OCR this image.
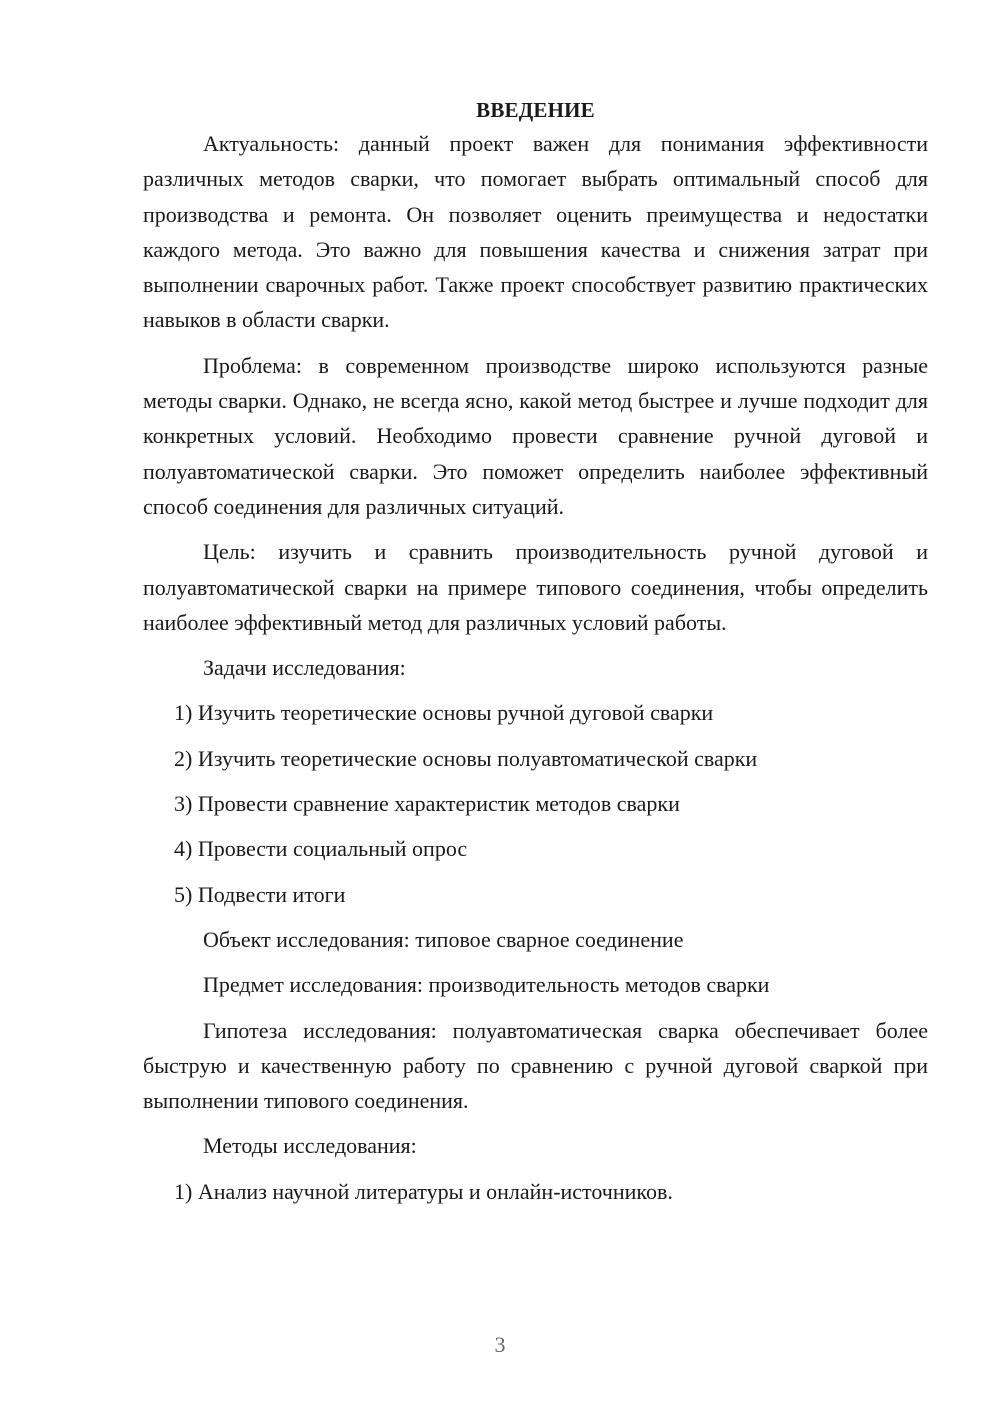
ВВЕДЕНИЕ

Актуальность: данный проект важен для понимания эффективности различных методов сварки, что помогает выбрать оптимальный способ для производства и ремонта. Он позволяет оценить преимущества и недостатки каждого метода. Это важно для повышения качества и снижения затрат при выполнении сварочных работ. Также проект способствует развитию практических навыков в области сварки.

Проблема: в современном производстве широко используются разные методы сварки. Однако, не всегда ясно, какой метод быстрее и лучше подходит для конкретных условий. Необходимо провести сравнение ручной дуговой и полуавтоматической сварки. Это поможет определить наиболее эффективный способ соединения для различных ситуаций.

Цель: изучить и сравнить производительность ручной дуговой и полуавтоматической сварки на примере типового соединения, чтобы определить наиболее эффективный метод для различных условий работы.

Задачи исследования:
1) Изучить теоретические основы ручной дуговой сварки
2) Изучить теоретические основы полуавтоматической сварки
3) Провести сравнение характеристик методов сварки
4) Провести социальный опрос
5) Подвести итоги
Объект исследования: типовое сварное соединение
Предмет исследования: производительность методов сварки

Гипотеза исследования: полуавтоматическая сварка обеспечивает более быструю и качественную работу по сравнению с ручной дуговой сваркой при выполнении типового соединения.

Методы исследования:
1) Анализ научной литературы и онлайн-источников.
3
